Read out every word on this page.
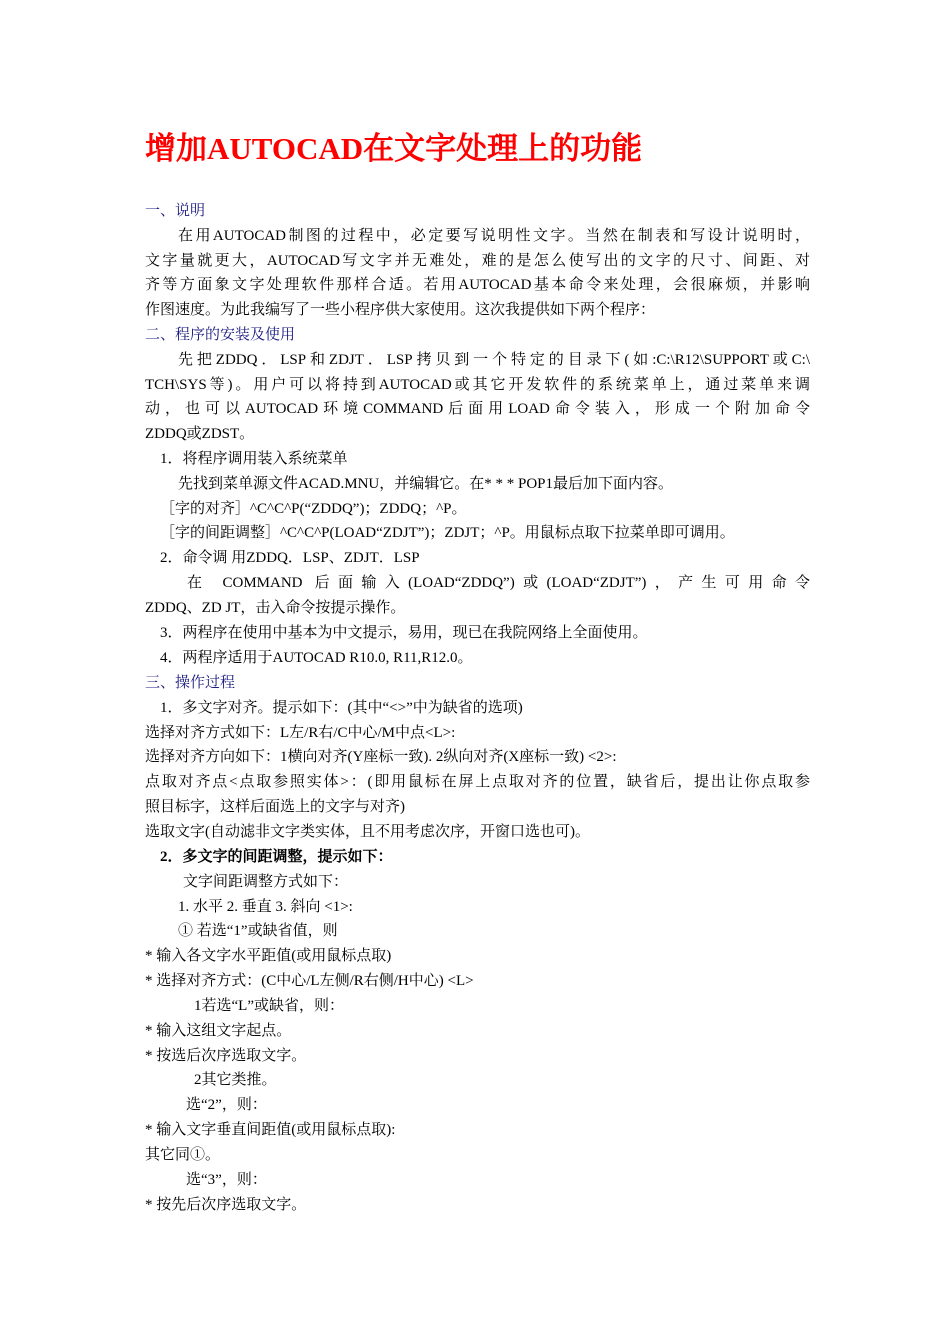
增加AUTOCAD在文字处理上的功能
一、说明
在用AUTOCAD制图的过程中，必定要写说明性文字。当然在制表和写设计说明时，
文字量就更大，AUTOCAD写文字并无难处，难的是怎么使写出的文字的尺寸、间距、对
齐等方面象文字处理软件那样合适。若用AUTOCAD基本命令来处理，会很麻烦，并影响
作图速度。为此我编写了一些小程序供大家使用。这次我提供如下两个程序：
二、程序的安装及使用
先把ZDDQ．LSP和ZDJT．LSP拷贝到一个特定的目录下(如:C:\R12\SUPPORT或C:\
TCH\SYS等)。用户可以将持到AUTOCAD或其它开发软件的系统菜单上，通过菜单来调
动，也可以AUTOCAD环境COMMAND后面用LOAD命令装入，形成一个附加命令
ZDDQ或ZDST。
1．将程序调用装入系统菜单
先找到菜单源文件ACAD.MNU，并编辑它。在* * * POP1最后加下面内容。
［字的对齐］^C^C^P(“ZDDQ”)；ZDDQ；^P。
［字的间距调整］^C^C^P(LOAD“ZDJT”)；ZDJT；^P。用鼠标点取下拉菜单即可调用。
2．命令调 用ZDDQ．LSP、ZDJT．LSP
在 COMMAND 后面输入(LOAD“ZDDQ”)或(LOAD“ZDJT”)，产生可用命令
ZDDQ、ZD JT，击入命令按提示操作。
3．两程序在使用中基本为中文提示，易用，现已在我院网络上全面使用。
4．两程序适用于AUTOCAD R10.0, R11,R12.0。
三、操作过程
1．多文字对齐。提示如下：(其中“<>”中为缺省的选项)
选择对齐方式如下：L左/R右/C中心/M中点<L>:
选择对齐方向如下：1横向对齐(Y座标一致). 2纵向对齐(X座标一致) <2>:
点取对齐点<点取参照实体>：(即用鼠标在屏上点取对齐的位置，缺省后，提出让你点取参
照目标字，这样后面选上的文字与对齐)
选取文字(自动滤非文字类实体，且不用考虑次序，开窗口选也可)。
2．多文字的间距调整，提示如下：
文字间距调整方式如下：
1. 水平 2. 垂直 3. 斜向 <1>:
① 若选“1”或缺省值，则
* 输入各文字水平距值(或用鼠标点取)
* 选择对齐方式：(C中心/L左侧/R右侧/H中心) <L>
1若选“L”或缺省，则：
* 输入这组文字起点。
* 按选后次序选取文字。
2其它类推。
选“2”，则：
* 输入文字垂直间距值(或用鼠标点取):
其它同①。
选“3”，则：
* 按先后次序选取文字。
